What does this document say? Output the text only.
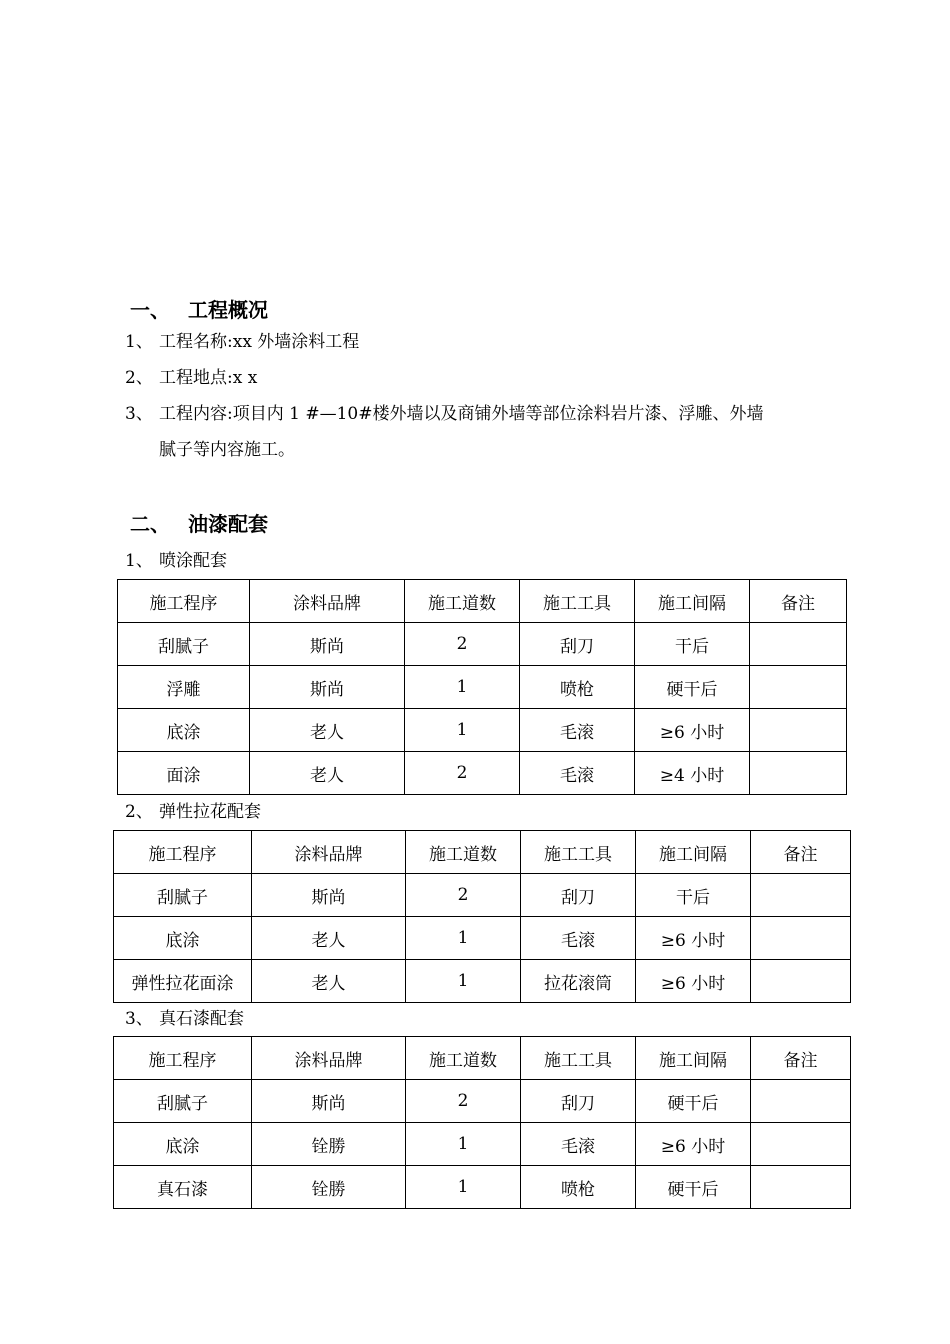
一、 工程概况
1、 工程名称:xx 外墙涂料工程
2、 工程地点:x x
3、 工程内容:项目内 1 #—10#楼外墙以及商铺外墙等部位涂料岩片漆、浮雕、外墙
腻子等内容施工。
二、 油漆配套
1、 喷涂配套
施工程序	涂料品牌	施工道数	施工工具	施工间隔	备注
刮腻子	斯尚	2	刮刀	干后	
浮雕	斯尚	1	喷枪	硬干后	
底涂	老人	1	毛滚	≥6 小时	
面涂	老人	2	毛滚	≥4 小时	
2、 弹性拉花配套
施工程序	涂料品牌	施工道数	施工工具	施工间隔	备注
刮腻子	斯尚	2	刮刀	干后	
底涂	老人	1	毛滚	≥6 小时	
弹性拉花面涂	老人	1	拉花滚筒	≥6 小时	
3、 真石漆配套
施工程序	涂料品牌	施工道数	施工工具	施工间隔	备注
刮腻子	斯尚	2	刮刀	硬干后	
底涂	铨勝	1	毛滚	≥6 小时	
真石漆	铨勝	1	喷枪	硬干后	
